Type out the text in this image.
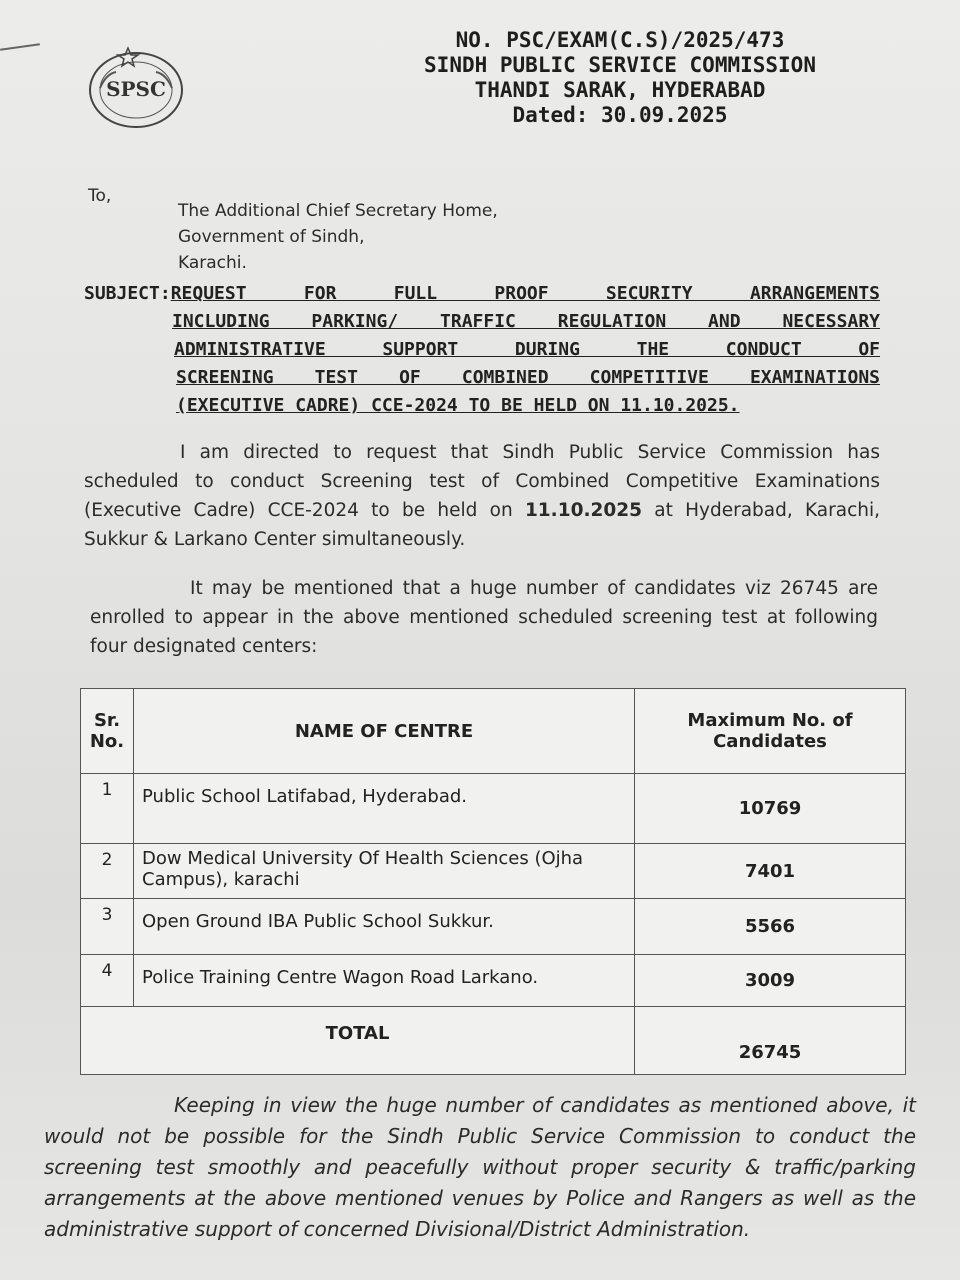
SPSC
NO. PSC/EXAM(C.S)/2025/473
SINDH PUBLIC SERVICE COMMISSION
THANDI SARAK, HYDERABAD
Dated: 30.09.2025
To,
The Additional Chief Secretary Home,
Government of Sindh,
Karachi.
SUBJECT: REQUEST FOR FULL PROOF SECURITY ARRANGEMENTS
INCLUDING PARKING/ TRAFFIC REGULATION AND NECESSARY
ADMINISTRATIVE SUPPORT DURING THE CONDUCT OF
SCREENING TEST OF COMBINED COMPETITIVE EXAMINATIONS
(EXECUTIVE CADRE) CCE-2024 TO BE HELD ON 11.10.2025.
I am directed to request that Sindh Public Service Commission has scheduled to conduct Screening test of Combined Competitive Examinations (Executive Cadre) CCE-2024 to be held on 11.10.2025 at Hyderabad, Karachi, Sukkur & Larkano Center simultaneously.
It may be mentioned that a huge number of candidates viz 26745 are enrolled to appear in the above mentioned scheduled screening test at following four designated centers:
Sr. No.	NAME OF CENTRE	Maximum No. of Candidates
1	Public School Latifabad, Hyderabad.	10769
2	Dow Medical University Of Health Sciences (Ojha Campus), karachi	7401
3	Open Ground IBA Public School Sukkur.	5566
4	Police Training Centre Wagon Road Larkano.	3009
TOTAL		26745
Keeping in view the huge number of candidates as mentioned above, it would not be possible for the Sindh Public Service Commission to conduct the screening test smoothly and peacefully without proper security & traffic/parking arrangements at the above mentioned venues by Police and Rangers as well as the administrative support of concerned Divisional/District Administration.
